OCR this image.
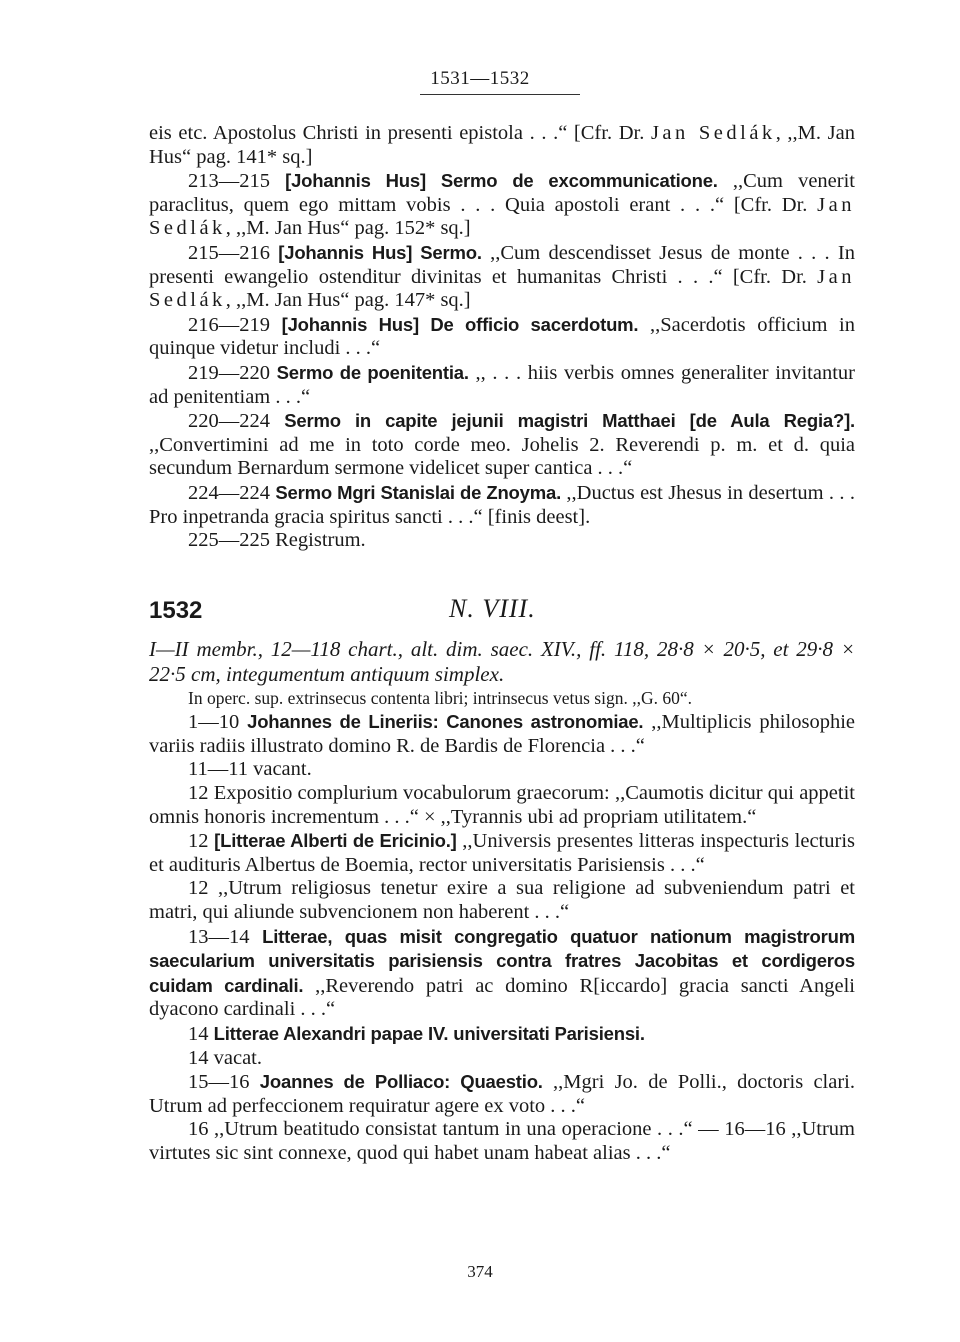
1531—1532

eis etc. Apostolus Christi in presenti epistola . . .“ [Cfr. Dr. Jan Sedlák, ,,M. Jan Hus“ pag. 141* sq.]

213—215 [Johannis Hus] Sermo de excommunicatione. ,,Cum venerit paraclitus, quem ego mittam vobis . . . Quia apostoli erant . . .“ [Cfr. Dr. Jan Sedlák, ,,M. Jan Hus“ pag. 152* sq.]

215—216 [Johannis Hus] Sermo. ,,Cum descendisset Jesus de monte . . . In presenti ewangelio ostenditur divinitas et humanitas Christi . . .“ [Cfr. Dr. Jan Sedlák, ,,M. Jan Hus“ pag. 147* sq.]

216—219 [Johannis Hus] De officio sacerdotum. ,,Sacerdotis officium in quinque videtur includi . . .“

219—220 Sermo de poenitentia. ,, . . . hiis verbis omnes generaliter invitantur ad penitentiam . . .“

220—224 Sermo in capite jejunii magistri Matthaei [de Aula Regia?]. ,,Convertimini ad me in toto corde meo. Johelis 2. Reverendi p. m. et d. quia secundum Bernardum sermone videlicet super cantica . . .“

224—224 Sermo Mgri Stanislai de Znoyma. ,,Ductus est Jhesus in desertum . . . Pro inpetranda gracia spiritus sancti . . .“ [finis deest].

225—225 Registrum.

1532	N. VIII.

I—II membr., 12—118 chart., alt. dim. saec. XIV., ff. 118, 28·8 × 20·5, et 29·8 × 22·5 cm, integumentum antiquum simplex.

In operc. sup. extrinsecus contenta libri; intrinsecus vetus sign. ,,G. 60“.

1—10 Johannes de Lineriis: Canones astronomiae. ,,Multiplicis philosophie variis radiis illustrato domino R. de Bardis de Florencia . . .“

11—11 vacant.

12 Expositio complurium vocabulorum graecorum: ,,Caumotis dicitur qui appetit omnis honoris incrementum . . .“ × ,,Tyrannis ubi ad propriam utilitatem.“

12 [Litterae Alberti de Ericinio.] ,,Universis presentes litteras inspecturis lecturis et audituris Albertus de Boemia, rector universitatis Parisiensis . . .“

12 ,,Utrum religiosus tenetur exire a sua religione ad subveniendum patri et matri, qui aliunde subvencionem non haberent . . .“

13—14 Litterae, quas misit congregatio quatuor nationum magistrorum saecularium universitatis parisiensis contra fratres Jacobitas et cordigeros cuidam cardinali. ,,Reverendo patri ac domino R[iccardo] gracia sancti Angeli dyacono cardinali . . .“

14 Litterae Alexandri papae IV. universitati Parisiensi.

14 vacat.

15—16 Joannes de Polliaco: Quaestio. ,,Mgri Jo. de Polli., doctoris clari. Utrum ad perfeccionem requiratur agere ex voto . . .“

16 ,,Utrum beatitudo consistat tantum in una operacione . . .“ — 16—16 ,,Utrum virtutes sic sint connexe, quod qui habet unam habeat alias . . .“

374
